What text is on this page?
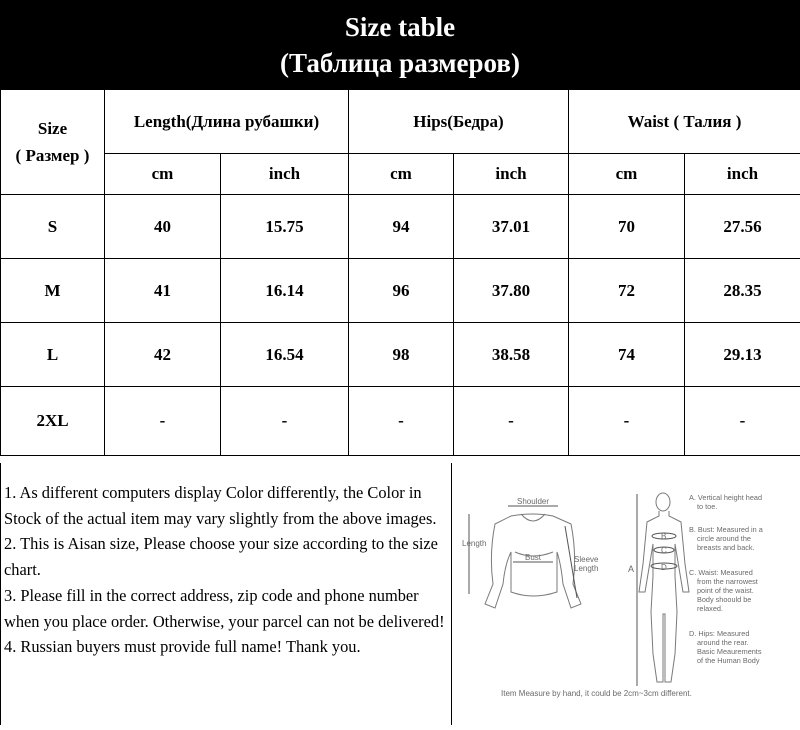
Size table
(Таблица размеров)
Size
( Размер )	Length(Длина рубашки)		Hips(Бедра)		Waist ( Талия )	
	cm	inch	cm	inch	cm	inch
S	40	15.75	94	37.01	70	27.56
M	41	16.14	96	37.80	72	28.35
L	42	16.54	98	38.58	74	29.13
2XL	-	-	-	-	-	-
1. As different computers display Color differently, the Color in Stock of the actual item may vary slightly from the above images.
2. This is Aisan size, Please choose your size according to the size chart.
3. Please fill in the correct address, zip code and phone number when you place order. Otherwise, your parcel can not be delivered!
4. Russian buyers must provide full name! Thank you.
Shoulder
Length
Bust	Sleeve
Length	A
B
C
D
A. Vertical height head
to toe.
B. Bust: Measured in a
circle around the
breasts and back.
C. Waist: Measured
from the narrowest
point of the waist.
Body shoould be
relaxed.
D. Hips: Measured
around the rear.
Basic Meaurements
of the Human Body
Item Measure by hand, it could be 2cm~3cm different.
